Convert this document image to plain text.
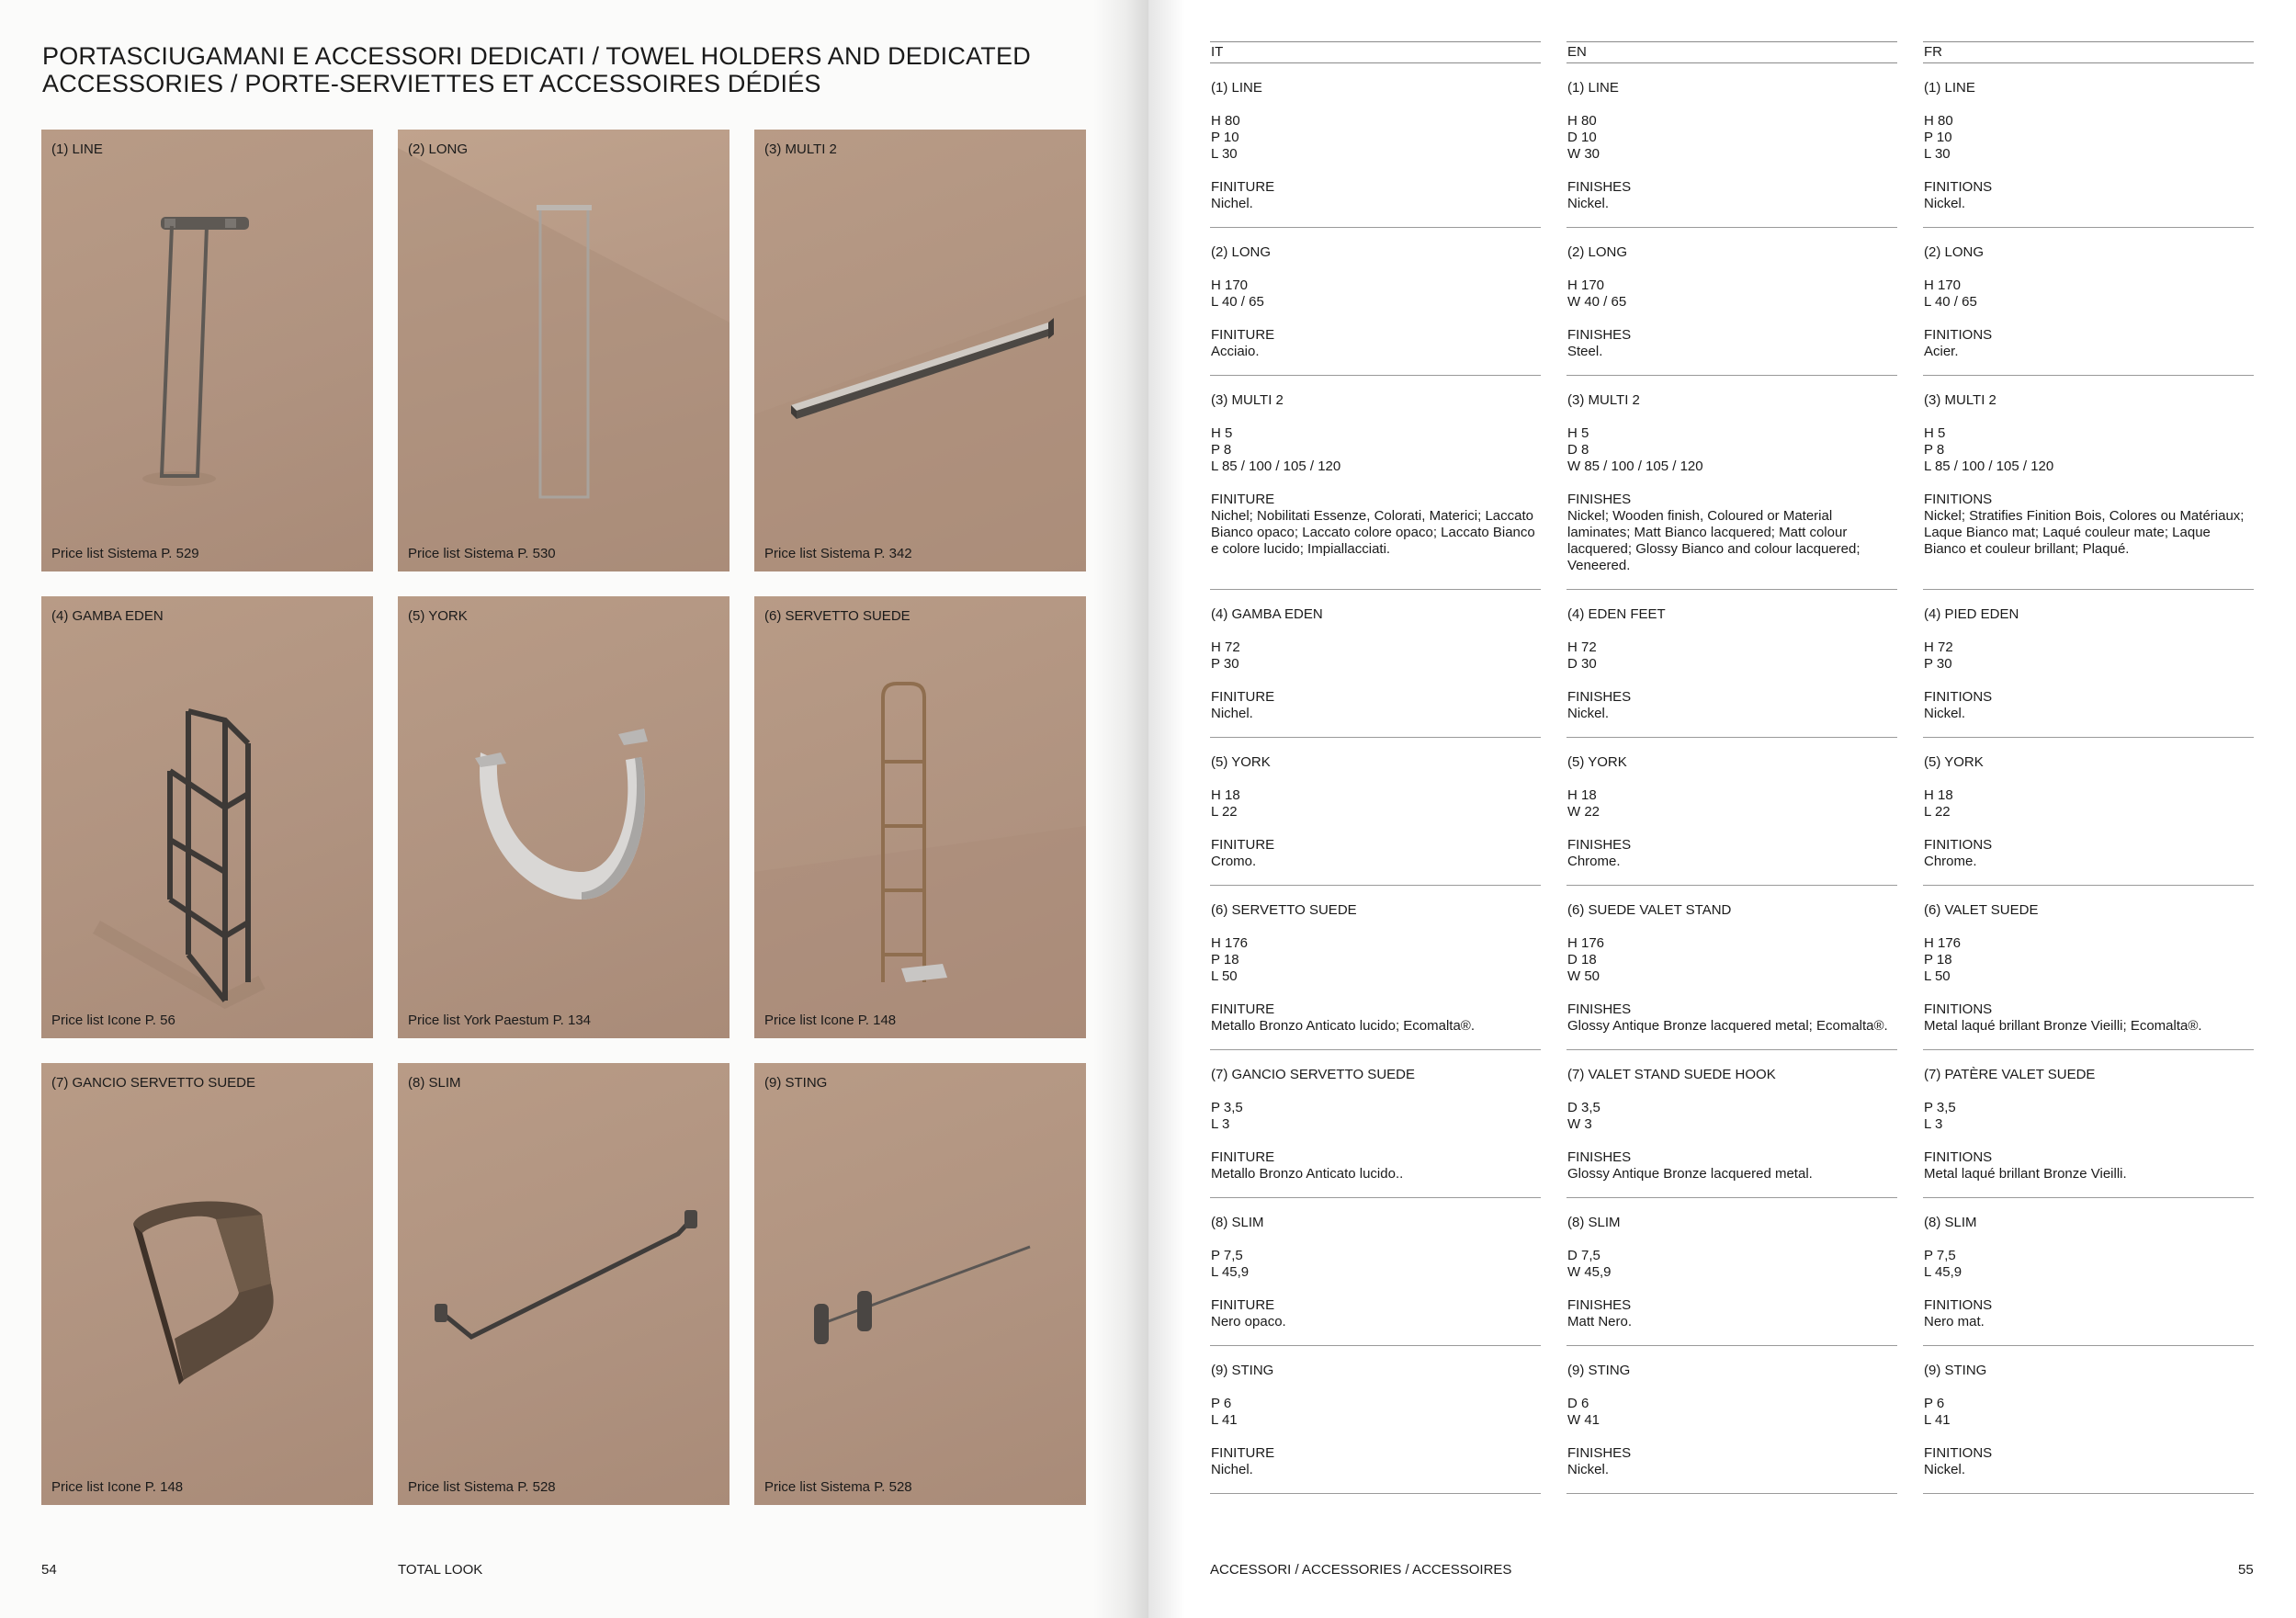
PORTASCIUGAMANI E ACCESSORI DEDICATI / TOWEL HOLDERS AND DEDICATED ACCESSORIES / PORTE-SERVIETTES ET ACCESSOIRES DÉDIÉS
(1) LINE
Price list Sistema P. 529
(2) LONG
Price list Sistema P. 530
(3) MULTI 2
Price list Sistema P. 342
(4) GAMBA EDEN
Price list Icone P. 56
(5) YORK
Price list York Paestum P. 134
(6) SERVETTO SUEDE
Price list Icone P. 148
(7) GANCIO SERVETTO SUEDE
Price list Icone P. 148
(8) SLIM
Price list Sistema P. 528
(9) STING
Price list Sistema P. 528
54	TOTAL LOOK
IT
(1) LINE
H 80
P 10
L 30
FINITURE
Nichel.
(2) LONG
H 170
L 40 / 65
FINITURE
Acciaio.
(3) MULTI 2
H 5
P 8
L 85 / 100 / 105 / 120
FINITURE
Nichel; Nobilitati Essenze, Colorati, Materici; Laccato Bianco opaco; Laccato colore opaco; Laccato Bianco e colore lucido; Impiallacciati.
(4) GAMBA EDEN
H 72
P 30
FINITURE
Nichel.
(5) YORK
H 18
L 22
FINITURE
Cromo.
(6) SERVETTO SUEDE
H 176
P 18
L 50
FINITURE
Metallo Bronzo Anticato lucido; Ecomalta®.
(7) GANCIO SERVETTO SUEDE
P 3,5
L 3
FINITURE
Metallo Bronzo Anticato lucido..
(8) SLIM
P 7,5
L 45,9
FINITURE
Nero opaco.
(9) STING
P 6
L 41
FINITURE
Nichel.
EN
(1) LINE
H 80
D 10
W 30
FINISHES
Nickel.
(2) LONG
H 170
W 40 / 65
FINISHES
Steel.
(3) MULTI 2
H 5
D 8
W 85 / 100 / 105 / 120
FINISHES
Nickel; Wooden finish, Coloured or Material laminates; Matt Bianco lacquered; Matt colour lacquered; Glossy Bianco and colour lacquered; Veneered.
(4) EDEN FEET
H 72
D 30
FINISHES
Nickel.
(5) YORK
H 18
W 22
FINISHES
Chrome.
(6) SUEDE VALET STAND
H 176
D 18
W 50
FINISHES
Glossy Antique Bronze lacquered metal; Ecomalta®.
(7) VALET STAND SUEDE HOOK
D 3,5
W 3
FINISHES
Glossy Antique Bronze lacquered metal.
(8) SLIM
D 7,5
W 45,9
FINISHES
Matt Nero.
(9) STING
D 6
W 41
FINISHES
Nickel.
FR
(1) LINE
H 80
P 10
L 30
FINITIONS
Nickel.
(2) LONG
H 170
L 40 / 65
FINITIONS
Acier.
(3) MULTI 2
H 5
P 8
L 85 / 100 / 105 / 120
FINITIONS
Nickel; Stratifies Finition Bois, Colores ou Matériaux; Laque Bianco mat; Laqué couleur mate; Laque Bianco et couleur brillant; Plaqué.
(4) PIED EDEN
H 72
P 30
FINITIONS
Nickel.
(5) YORK
H 18
L 22
FINITIONS
Chrome.
(6) VALET SUEDE
H 176
P 18
L 50
FINITIONS
Metal laqué brillant Bronze Vieilli; Ecomalta®.
(7) PATÈRE VALET SUEDE
P 3,5
L 3
FINITIONS
Metal laqué brillant Bronze Vieilli.
(8) SLIM
P 7,5
L 45,9
FINITIONS
Nero mat.
(9) STING
P 6
L 41
FINITIONS
Nickel.
ACCESSORI / ACCESSORIES / ACCESSOIRES	55
